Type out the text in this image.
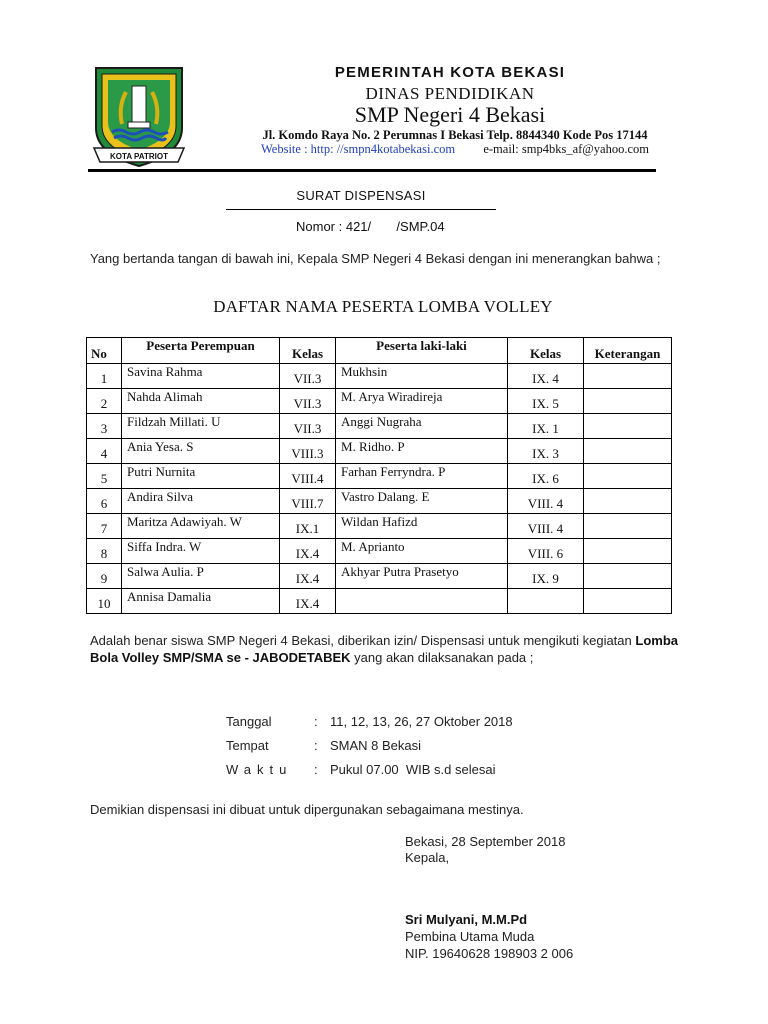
KOTA PATRIOT
PEMERINTAH KOTA BEKASI
DINAS PENDIDIKAN
SMP Negeri 4 Bekasi
Jl. Komdo Raya No. 2 Perumnas I Bekasi Telp. 8844340 Kode Pos 17144
Website : http: //smpn4kotabekasi.com e-mail: smp4bks_af@yahoo.com
SURAT DISPENSASI
Nomor : 421/       /SMP.04
Yang bertanda tangan di bawah ini, Kepala SMP Negeri 4 Bekasi dengan ini menerangkan bahwa ;
DAFTAR NAMA PESERTA LOMBA VOLLEY
No	Peserta Perempuan	Kelas	Peserta laki-laki	Kelas	Keterangan
1	Savina Rahma	VII.3	Mukhsin	IX. 4	
2	Nahda Alimah	VII.3	M. Arya Wiradireja	IX. 5	
3	Fildzah Millati. U	VII.3	Anggi Nugraha	IX. 1	
4	Ania Yesa. S	VIII.3	M. Ridho. P	IX. 3	
5	Putri Nurnita	VIII.4	Farhan Ferryndra. P	IX. 6	
6	Andira Silva	VIII.7	Vastro Dalang. E	VIII. 4	
7	Maritza Adawiyah. W	IX.1	Wildan Hafizd	VIII. 4	
8	Siffa Indra. W	IX.4	M. Aprianto	VIII. 6	
9	Salwa Aulia. P	IX.4	Akhyar Putra Prasetyo	IX. 9	
10	Annisa Damalia	IX.4			
Adalah benar siswa SMP Negeri 4 Bekasi, diberikan izin/ Dispensasi untuk mengikuti kegiatan Lomba Bola Volley SMP/SMA se - JABODETABEK yang akan dilaksanakan pada ;
Tanggal	: 11, 12, 13, 26, 27 Oktober 2018
Tempat	: SMAN 8 Bekasi
Waktu : Pukul 07.00  WIB s.d selesai
Demikian dispensasi ini dibuat untuk dipergunakan sebagaimana mestinya.
Bekasi, 28 September 2018
Kepala,
Sri Mulyani, M.M.Pd
Pembina Utama Muda
NIP. 19640628 198903 2 006
